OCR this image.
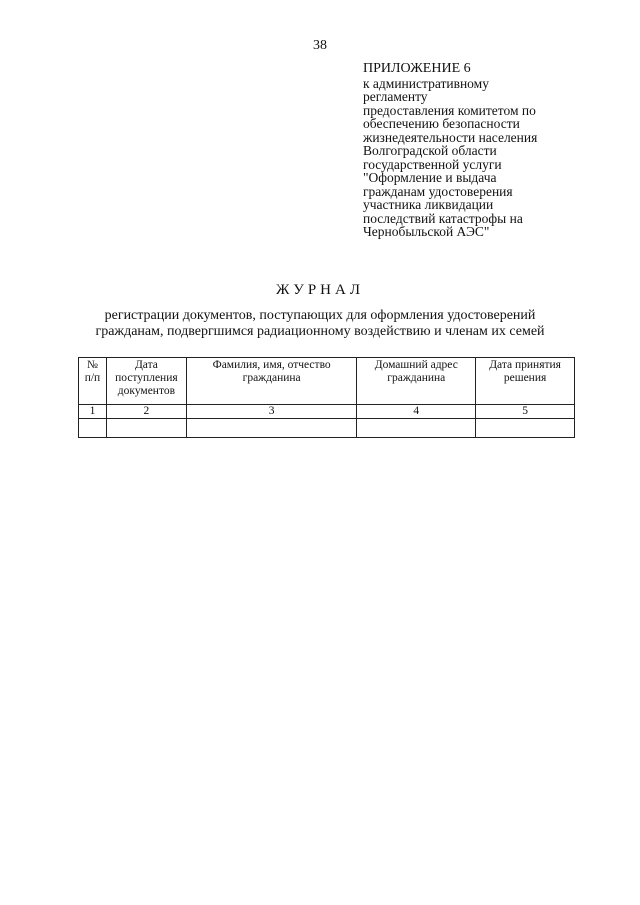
38
ПРИЛОЖЕНИЕ 6
к административному
регламенту
предоставления комитетом по
обеспечению безопасности
жизнедеятельности населения
Волгоградской области
государственной услуги
"Оформление и выдача
гражданам удостоверения
участника ликвидации
последствий катастрофы на
Чернобыльской АЭС"
ЖУРНАЛ
регистрации документов, поступающих для оформления удостоверений
гражданам, подвергшимся радиационному воздействию и членам их семей
№ п/п	Дата поступления документов	Фамилия, имя, отчество гражданина	Домашний адрес гражданина	Дата принятия решения
1	2	3	4	5
